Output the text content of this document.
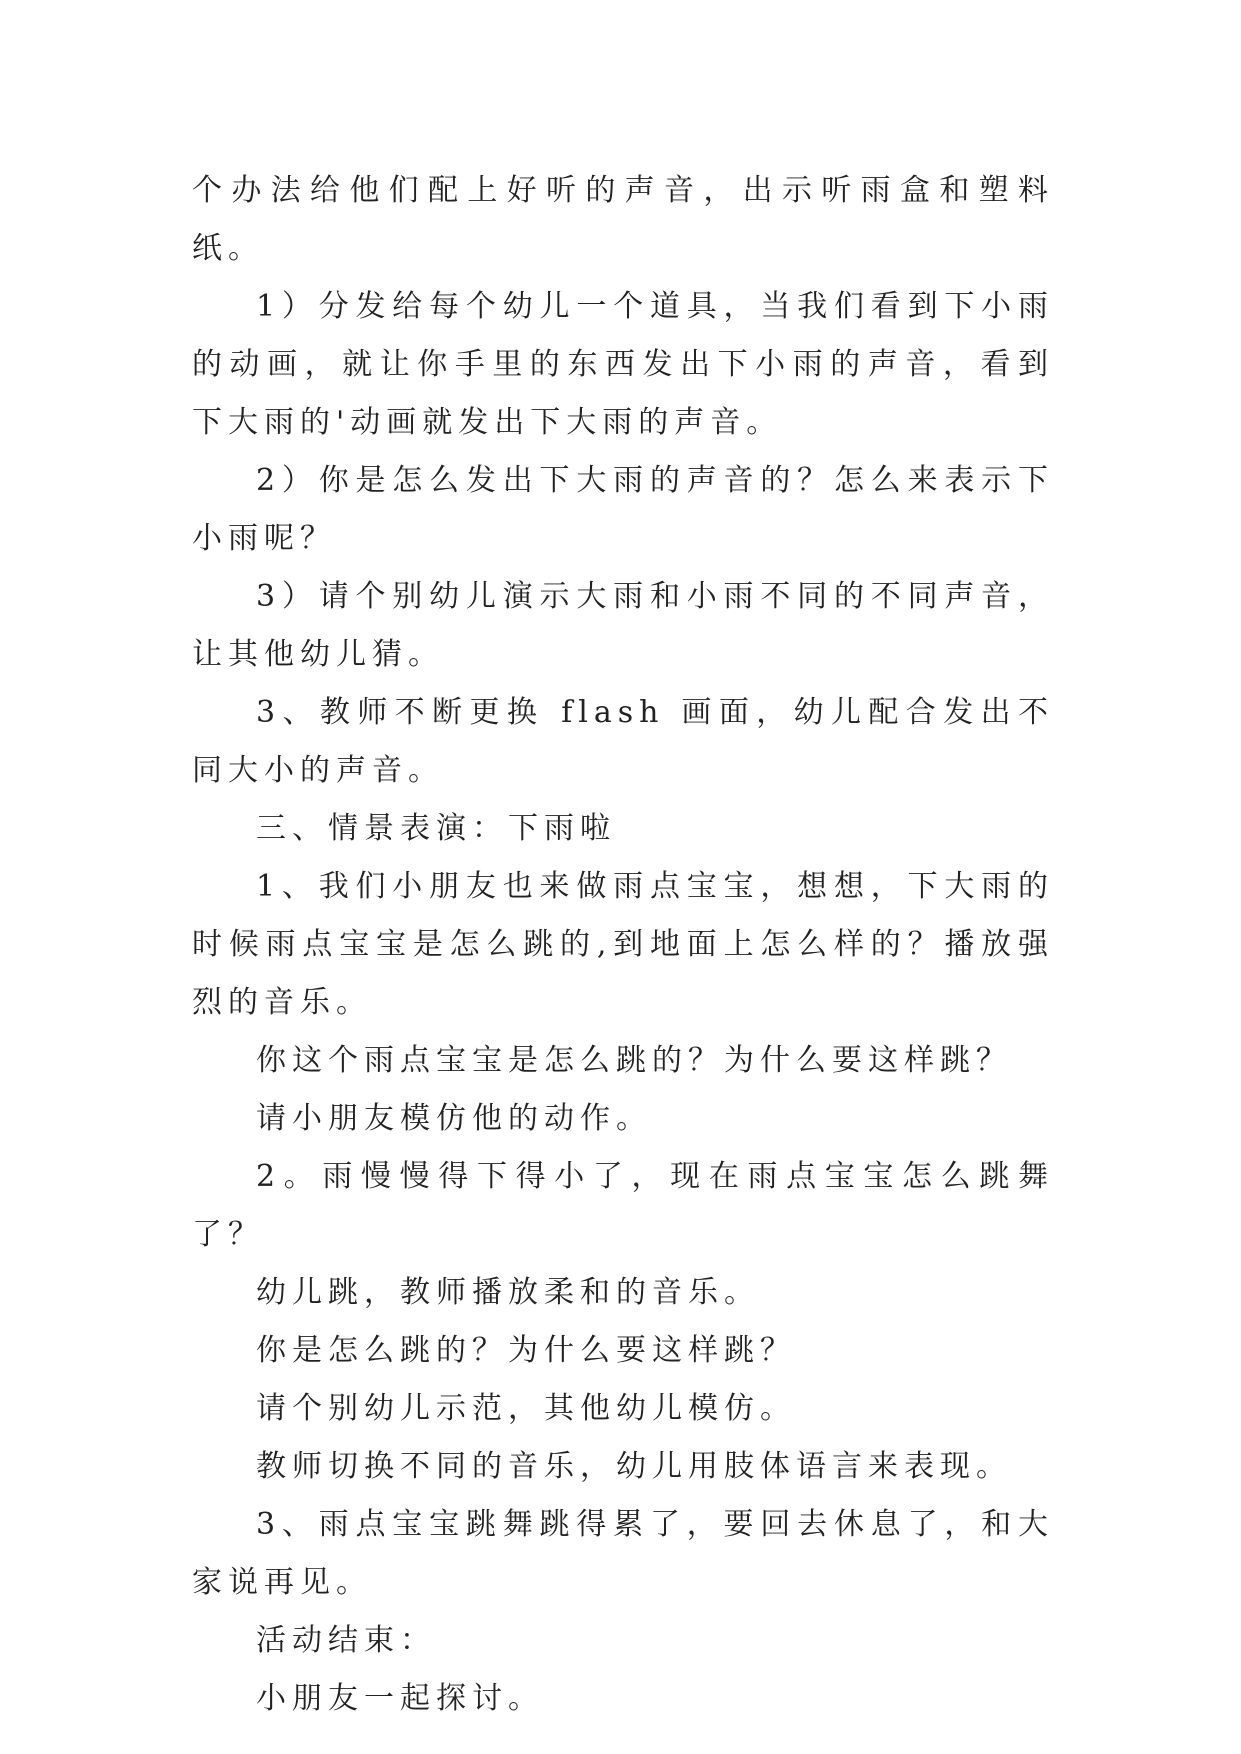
个办法给他们配上好听的声音，出示听雨盒和塑料纸。

1）分发给每个幼儿一个道具，当我们看到下小雨的动画，就让你手里的东西发出下小雨的声音，看到下大雨的'动画就发出下大雨的声音。

2）你是怎么发出下大雨的声音的？怎么来表示下小雨呢？

3）请个别幼儿演示大雨和小雨不同的不同声音，让其他幼儿猜。

3、教师不断更换 flash 画面，幼儿配合发出不同大小的声音。

三、情景表演：下雨啦

1、我们小朋友也来做雨点宝宝，想想，下大雨的时候雨点宝宝是怎么跳的,到地面上怎么样的？播放强烈的音乐。

你这个雨点宝宝是怎么跳的？为什么要这样跳？

请小朋友模仿他的动作。

2。雨慢慢得下得小了，现在雨点宝宝怎么跳舞了？

幼儿跳，教师播放柔和的音乐。

你是怎么跳的？为什么要这样跳？

请个别幼儿示范，其他幼儿模仿。

教师切换不同的音乐，幼儿用肢体语言来表现。

3、雨点宝宝跳舞跳得累了，要回去休息了，和大家说再见。

活动结束：

小朋友一起探讨。
